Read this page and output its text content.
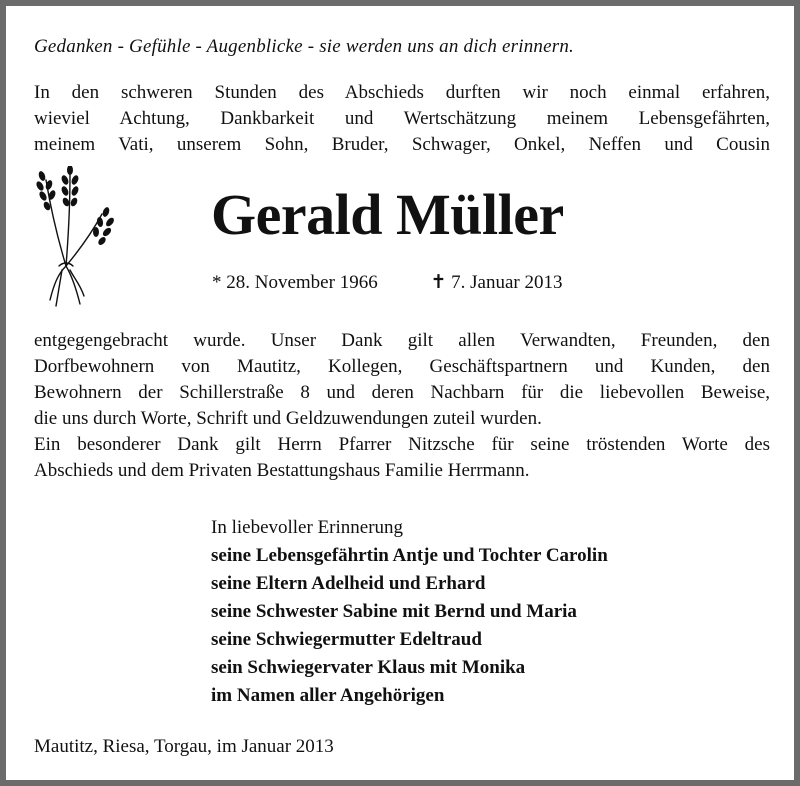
Gedanken - Gefühle - Augenblicke - sie werden uns an dich erinnern.
In den schweren Stunden des Abschieds durften wir noch einmal erfahren,
wieviel Achtung, Dankbarkeit und Wertschätzung meinem Lebensgefährten,
meinem Vati, unserem Sohn, Bruder, Schwager, Onkel, Neffen und Cousin
Gerald Müller
* 28. November 1966	✝ 7. Januar 2013
entgegengebracht wurde. Unser Dank gilt allen Verwandten, Freunden, den
Dorfbewohnern von Mautitz, Kollegen, Geschäftspartnern und Kunden, den
Bewohnern der Schillerstraße 8 und deren Nachbarn für die liebevollen Beweise,
die uns durch Worte, Schrift und Geldzuwendungen zuteil wurden.
Ein besonderer Dank gilt Herrn Pfarrer Nitzsche für seine tröstenden Worte des
Abschieds und dem Privaten Bestattungshaus Familie Herrmann.
In liebevoller Erinnerung
seine Lebensgefährtin Antje und Tochter Carolin
seine Eltern Adelheid und Erhard
seine Schwester Sabine mit Bernd und Maria
seine Schwiegermutter Edeltraud
sein Schwiegervater Klaus mit Monika
im Namen aller Angehörigen
Mautitz, Riesa, Torgau, im Januar 2013
